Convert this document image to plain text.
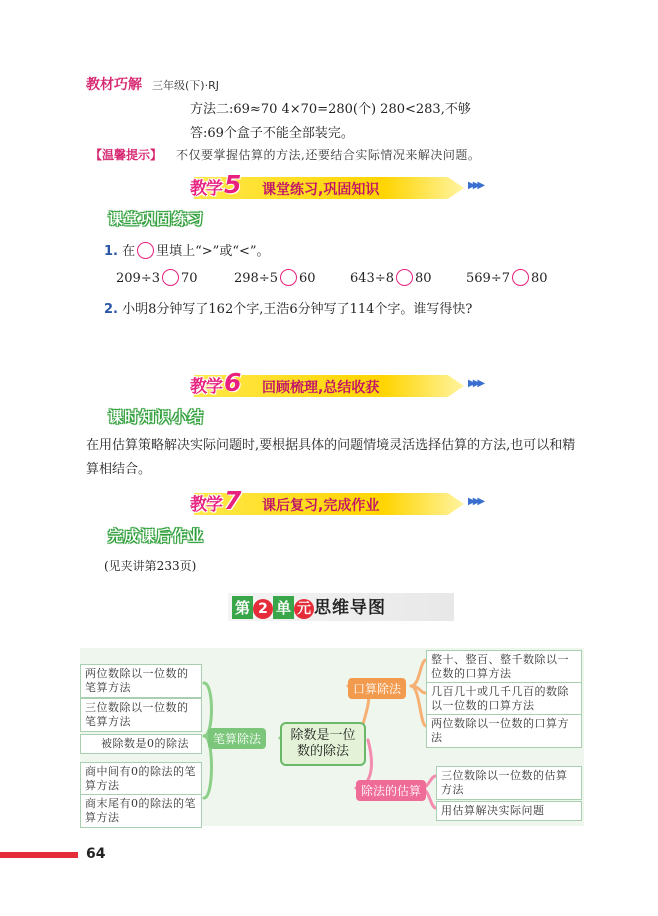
教材巧解 三年级(下)·RJ
方法二:69≈70 4×70=280(个) 280<283,不够
答:69个盒子不能全部装完。
【温馨提示】 不仅要掌握估算的方法,还要结合实际情况来解决问题。
教学 5 课堂练习,巩固知识	▶▶▶
课堂巩固练习
1. 在 里填上“>”或“<”。
209÷3 70	298÷5 60	643÷8 80	569÷7 80
2. 小明8分钟写了162个字,王浩6分钟写了114个字。谁写得快?
教学 6 回顾梳理,总结收获	▶▶▶
课时知识小结
在用估算策略解决实际问题时,要根据具体的问题情境灵活选择估算的方法,也可以和精算相结合。
教学 7 课后复习,完成作业	▶▶▶
完成课后作业
(见夹讲第233页)
第 2 单 元 思维导图
两位数除以一位数的笔算方法
三位数除以一位数的笔算方法
被除数是0的除法
商中间有0的除法的笔算方法
商末尾有0的除法的笔算方法
笔算除法	除数是一位数的除法
口算除法
除法的估算
整十、整百、整千数除以一位数的口算方法
几百几十或几千几百的数除以一位数的口算方法
两位数除以一位数的口算方法
三位数除以一位数的估算方法
用估算解决实际问题
64
